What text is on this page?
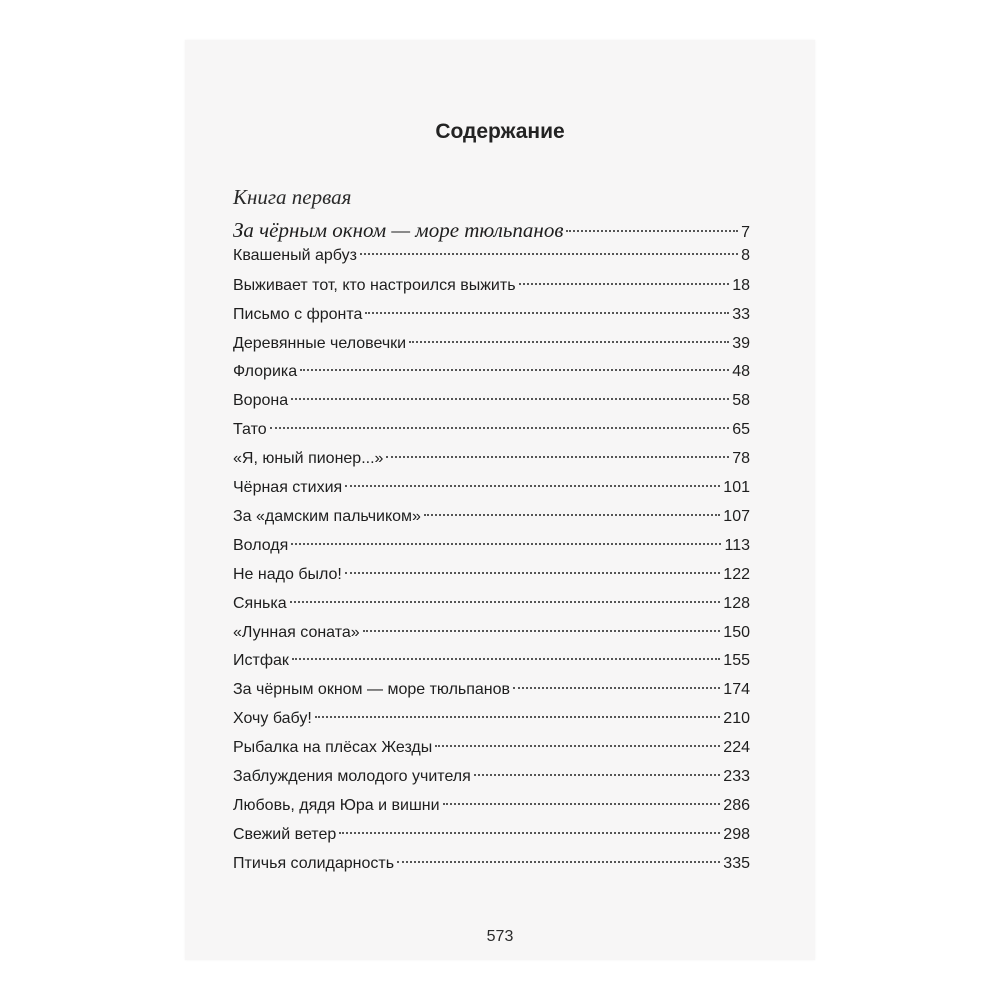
Содержание
Книга первая
За чёрным окном — море тюльпанов	7
Квашеный арбуз	8
Выживает тот, кто настроился выжить	18
Письмо с фронта	33
Деревянные человечки	39
Флорика	48
Ворона	58
Тато	65
«Я, юный пионер...»	78
Чёрная стихия	101
За «дамским пальчиком»	107
Володя	113
Не надо было!	122
Сянька	128
«Лунная соната»	150
Истфак	155
За чёрным окном — море тюльпанов	174
Хочу бабу!	210
Рыбалка на плёсах Жезды	224
Заблуждения молодого учителя	233
Любовь, дядя Юра и вишни	286
Свежий ветер	298
Птичья солидарность	335
573
